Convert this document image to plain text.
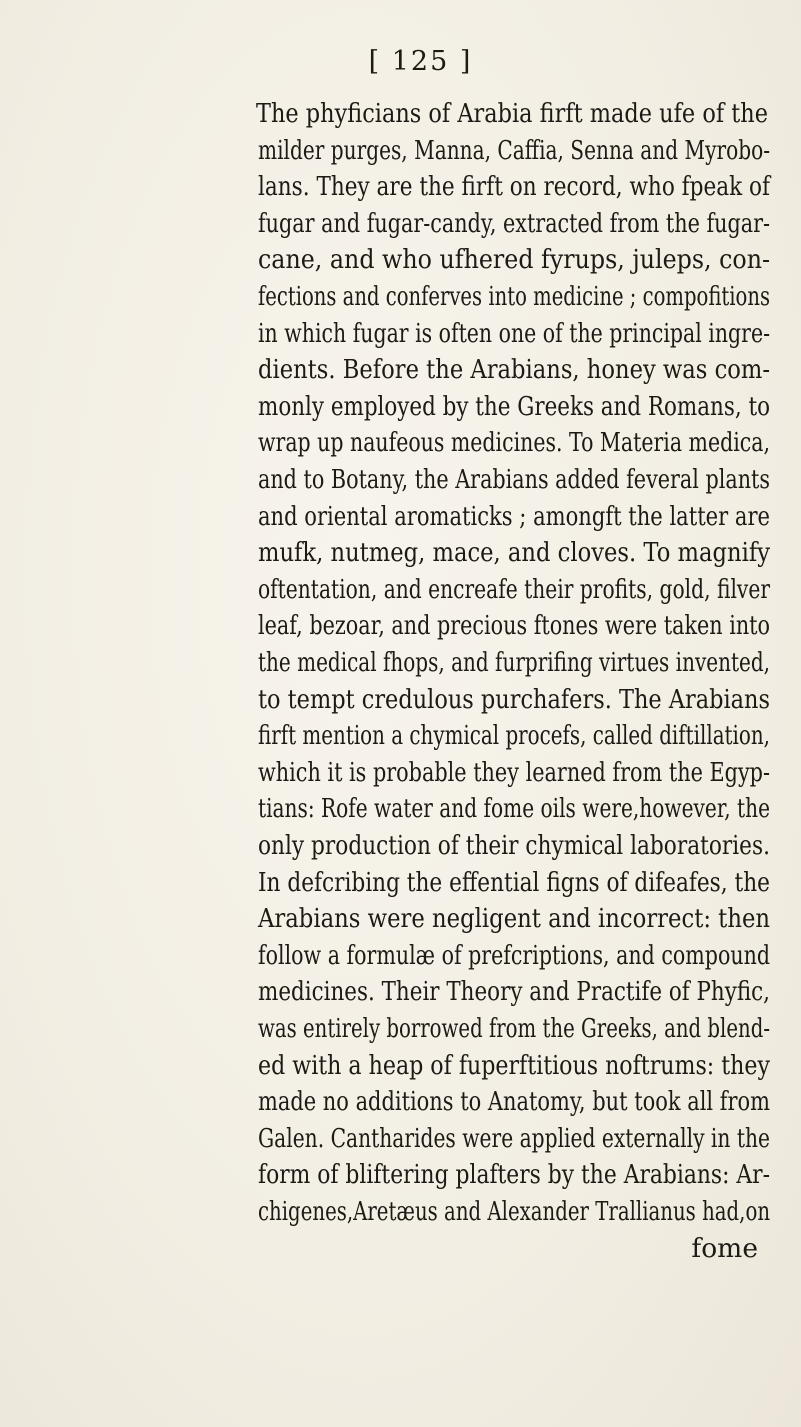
[ 125 ]
The phyficians of Arabia firft made ufe of the
milder purges, Manna, Caffia, Senna and Myrobo-
lans. They are the firft on record, who fpeak of
fugar and fugar-candy, extracted from the fugar-
cane, and who ufhered fyrups, juleps, con-
fections and conferves into medicine ; compofitions
in which fugar is often one of the principal ingre-
dients. Before the Arabians, honey was com-
monly employed by the Greeks and Romans, to
wrap up naufeous medicines. To Materia medica,
and to Botany, the Arabians added feveral plants
and oriental aromaticks ; amongft the latter are
mufk, nutmeg, mace, and cloves. To magnify
oftentation, and encreafe their profits, gold, filver
leaf, bezoar, and precious ftones were taken into
the medical fhops, and furprifing virtues invented,
to tempt credulous purchafers. The Arabians
firft mention a chymical procefs, called diftillation,
which it is probable they learned from the Egyp-
tians: Rofe water and fome oils were,however, the
only production of their chymical laboratories.
In defcribing the effential figns of difeafes, the
Arabians were negligent and incorrect: then
follow a formulæ of prefcriptions, and compound
medicines. Their Theory and Practife of Phyfic,
was entirely borrowed from the Greeks, and blend-
ed with a heap of fuperftitious noftrums: they
made no additions to Anatomy, but took all from
Galen. Cantharides were applied externally in the
form of bliftering plafters by the Arabians: Ar-
chigenes,Aretæus and Alexander Trallianus had,on
fome
